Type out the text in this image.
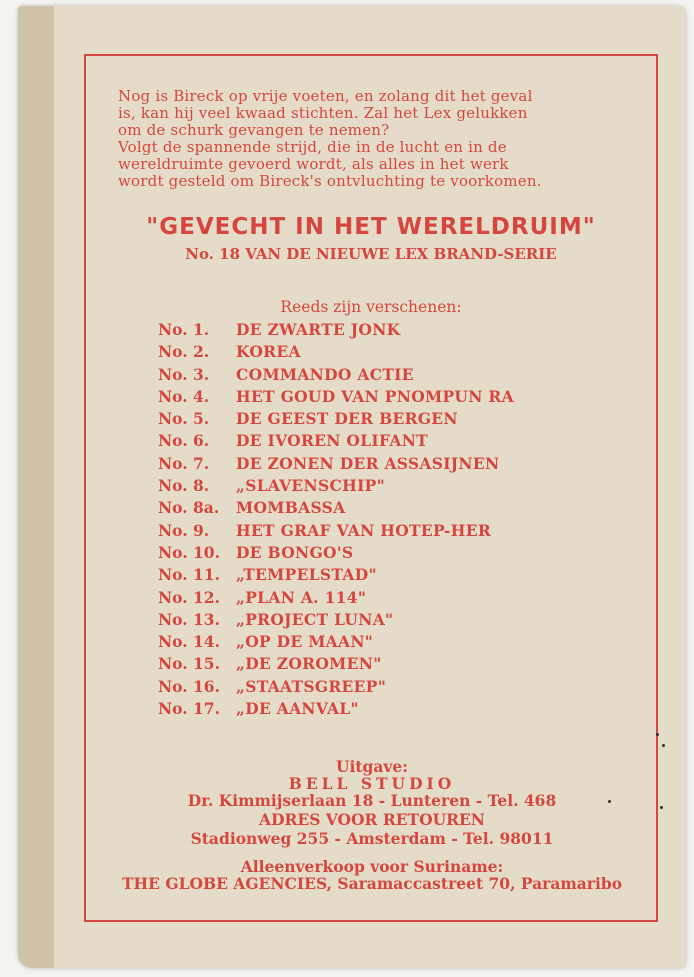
Nog is Bireck op vrije voeten, en zolang dit het geval
is, kan hij veel kwaad stichten. Zal het Lex gelukken
om de schurk gevangen te nemen?
Volgt de spannende strijd, die in de lucht en in de
wereldruimte gevoerd wordt, als alles in het werk
wordt gesteld om Bireck's ontvluchting te voorkomen.
"GEVECHT IN HET WERELDRUIM"
No. 18 VAN DE NIEUWE LEX BRAND-SERIE
Reeds zijn verschenen:
No. 1.	DE ZWARTE JONK
No. 2.	KOREA
No. 3.	COMMANDO ACTIE
No. 4.	HET GOUD VAN PNOMPUN RA
No. 5.	DE GEEST DER BERGEN
No. 6.	DE IVOREN OLIFANT
No. 7.	DE ZONEN DER ASSASIJNEN
No. 8.	„SLAVENSCHIP"
No. 8a.	MOMBASSA
No. 9.	HET GRAF VAN HOTEP-HER
No. 10.	DE BONGO'S
No. 11.	„TEMPELSTAD"
No. 12.	„PLAN A. 114"
No. 13.	„PROJECT LUNA"
No. 14.	„OP DE MAAN"
No. 15.	„DE ZOROMEN"
No. 16.	„STAATSGREEP"
No. 17.	„DE AANVAL"
Uitgave:
BELL STUDIO
Dr. Kimmijserlaan 18 - Lunteren - Tel. 468
ADRES VOOR RETOUREN
Stadionweg 255 - Amsterdam - Tel. 98011
Alleenverkoop voor Suriname:
THE GLOBE AGENCIES, Saramaccastreet 70, Paramaribo
